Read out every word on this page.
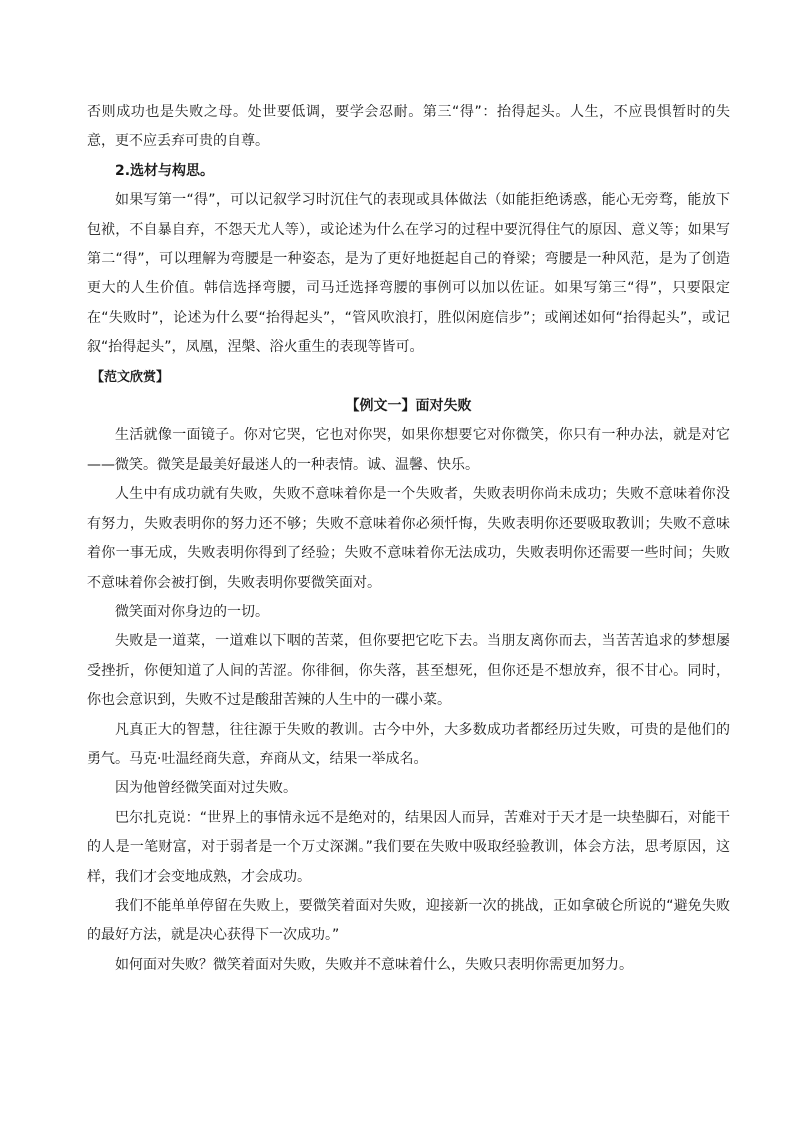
否则成功也是失败之母。处世要低调，要学会忍耐。第三“得”：抬得起头。人生，不应畏惧暂时的失意，更不应丢弃可贵的自尊。

2.选材与构思。

如果写第一“得”，可以记叙学习时沉住气的表现或具体做法（如能拒绝诱惑，能心无旁骛，能放下包袱，不自暴自弃，不怨天尤人等），或论述为什么在学习的过程中要沉得住气的原因、意义等；如果写第二“得”，可以理解为弯腰是一种姿态，是为了更好地挺起自己的脊梁；弯腰是一种风范，是为了创造更大的人生价值。韩信选择弯腰，司马迁选择弯腰的事例可以加以佐证。如果写第三“得”，只要限定在“失败时”，论述为什么要“抬得起头”，“管风吹浪打，胜似闲庭信步”；或阐述如何“抬得起头”，或记叙“抬得起头”，凤凰，涅槃、浴火重生的表现等皆可。

【范文欣赏】

【例文一】面对失败

生活就像一面镜子。你对它哭，它也对你哭，如果你想要它对你微笑，你只有一种办法，就是对它——微笑。微笑是最美好最迷人的一种表情。诚、温馨、快乐。

人生中有成功就有失败，失败不意味着你是一个失败者，失败表明你尚未成功；失败不意味着你没有努力，失败表明你的努力还不够；失败不意味着你必须忏悔，失败表明你还要吸取教训；失败不意味着你一事无成，失败表明你得到了经验；失败不意味着你无法成功，失败表明你还需要一些时间；失败不意味着你会被打倒，失败表明你要微笑面对。

微笑面对你身边的一切。

失败是一道菜，一道难以下咽的苦菜，但你要把它吃下去。当朋友离你而去，当苦苦追求的梦想屡受挫折，你便知道了人间的苦涩。你徘徊，你失落，甚至想死，但你还是不想放弃，很不甘心。同时，你也会意识到，失败不过是酸甜苦辣的人生中的一碟小菜。

凡真正大的智慧，往往源于失败的教训。古今中外，大多数成功者都经历过失败，可贵的是他们的勇气。马克·吐温经商失意，弃商从文，结果一举成名。

因为他曾经微笑面对过失败。

巴尔扎克说：“世界上的事情永远不是绝对的，结果因人而异，苦难对于天才是一块垫脚石，对能干的人是一笔财富，对于弱者是一个万丈深渊。”我们要在失败中吸取经验教训，体会方法，思考原因，这样，我们才会变地成熟，才会成功。

我们不能单单停留在失败上，要微笑着面对失败，迎接新一次的挑战，正如拿破仑所说的“避免失败的最好方法，就是决心获得下一次成功。”

如何面对失败？微笑着面对失败，失败并不意味着什么，失败只表明你需更加努力。
